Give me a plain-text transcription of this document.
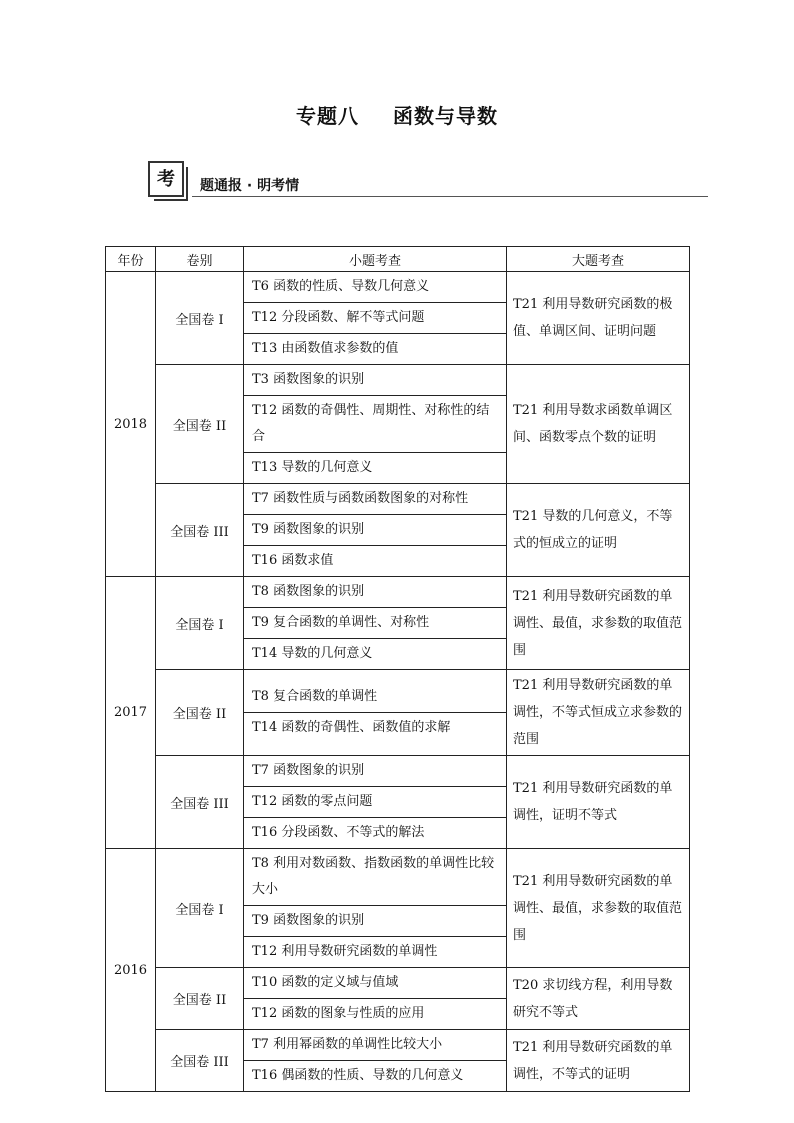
专题八 函数与导数
考	题通报 · 明考情
年份	卷别	小题考查	大题考查
2018	全国卷 I	T6 函数的性质、导数几何意义
T12 分段函数、解不等式问题
T13 由函数值求参数的值	T21 利用导数研究函数的极值、单调区间、证明问题
	全国卷 II	T3 函数图象的识别
T12 函数的奇偶性、周期性、对称性的结合
T13 导数的几何意义	T21 利用导数求函数单调区间、函数零点个数的证明
	全国卷 III	T7 函数性质与函数函数图象的对称性
T9 函数图象的识别
T16 函数求值	T21 导数的几何意义，不等式的恒成立的证明
2017	全国卷 I	T8 函数图象的识别
T9 复合函数的单调性、对称性
T14 导数的几何意义	T21 利用导数研究函数的单调性、最值，求参数的取值范围
	全国卷 II	T8 复合函数的单调性
T14 函数的奇偶性、函数值的求解	T21 利用导数研究函数的单调性，不等式恒成立求参数的范围
	全国卷 III	T7 函数图象的识别
T12 函数的零点问题
T16 分段函数、不等式的解法	T21 利用导数研究函数的单调性，证明不等式
2016	全国卷 I	T8 利用对数函数、指数函数的单调性比较大小
T9 函数图象的识别
T12 利用导数研究函数的单调性	T21 利用导数研究函数的单调性、最值，求参数的取值范围
	全国卷 II	T10 函数的定义域与值域
T12 函数的图象与性质的应用	T20 求切线方程，利用导数研究不等式
	全国卷 III	T7 利用幂函数的单调性比较大小
T16 偶函数的性质、导数的几何意义	T21 利用导数研究函数的单调性，不等式的证明
